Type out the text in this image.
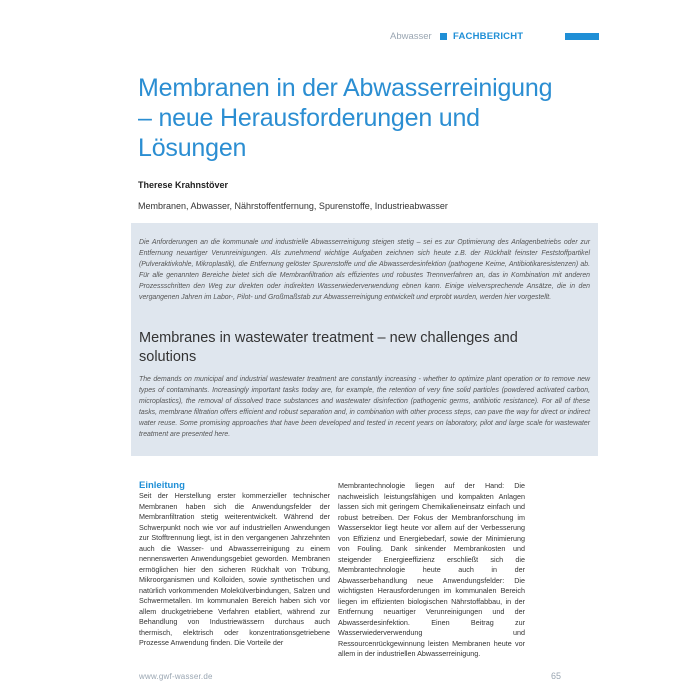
Abwasser FACHBERICHT
Membranen in der Abwasserreinigung – neue Herausforderungen und Lösungen
Therese Krahnstöver
Membranen, Abwasser, Nährstoffentfernung, Spurenstoffe, Industrieabwasser

Die Anforderungen an die kommunale und industrielle Abwasserreinigung steigen stetig – sei es zur Optimierung des Anlagenbetriebs oder zur Entfernung neuartiger Verunreinigungen. Als zunehmend wichtige Aufgaben zeichnen sich heute z.B. der Rückhalt feinster Feststoffpartikel (Pulveraktivkohle, Mikroplastik), die Entfernung gelöster Spurenstoffe und die Abwasserdesinfektion (pathogene Keime, Antibiotikaresistenzen) ab. Für alle genannten Bereiche bietet sich die Membranfiltration als effizientes und robustes Trennverfahren an, das in Kombination mit anderen Prozessschritten den Weg zur direkten oder indirekten Wasserwiederverwendung ebnen kann. Einige vielversprechende Ansätze, die in den vergangenen Jahren im Labor-, Pilot- und Großmaßstab zur Abwasserreinigung entwickelt und erprobt wurden, werden hier vorgestellt.

Membranes in wastewater treatment – new challenges and solutions

The demands on municipal and industrial wastewater treatment are constantly increasing - whether to optimize plant operation or to remove new types of contaminants. Increasingly important tasks today are, for example, the retention of very fine solid particles (powdered activated carbon, microplastics), the removal of dissolved trace substances and wastewater disinfection (pathogenic germs, antibiotic resistance). For all of these tasks, membrane filtration offers efficient and robust separation and, in combination with other process steps, can pave the way for direct or indirect water reuse. Some promising approaches that have been developed and tested in recent years on laboratory, pilot and large scale for wastewater treatment are presented here.

Einleitung

Seit der Herstellung erster kommerzieller technischer Membranen haben sich die Anwendungsfelder der Membranfiltration stetig weiterentwickelt. Während der Schwerpunkt noch wie vor auf industriellen Anwendungen zur Stofftrennung liegt, ist in den vergangenen Jahrzehnten auch die Wasser- und Abwasserreinigung zu einem nennenswerten Anwendungsgebiet geworden. Membranen ermöglichen hier den sicheren Rückhalt von Trübung, Mikroorganismen und Kolloiden, sowie synthetischen und natürlich vorkommenden Molekülverbindungen, Salzen und Schwermetallen. Im kommunalen Bereich haben sich vor allem druckgetriebene Verfahren etabliert, während zur Behandlung von Industriewässern durchaus auch thermisch, elektrisch oder konzentrationsgetriebene Prozesse Anwendung finden. Die Vorteile der

Membrantechnologie liegen auf der Hand: Die nachweislich leistungsfähigen und kompakten Anlagen lassen sich mit geringem Chemikalieneinsatz einfach und robust betreiben. Der Fokus der Membranforschung im Wassersektor liegt heute vor allem auf der Verbesserung von Effizienz und Energiebedarf, sowie der Minimierung von Fouling. Dank sinkender Membrankosten und steigender Energieeffizienz erschließt sich die Membrantechnologie heute auch in der Abwasserbehandlung neue Anwendungsfelder: Die wichtigsten Herausforderungen im kommunalen Bereich liegen im effizienten biologischen Nährstoffabbau, in der Entfernung neuartiger Verunreinigungen und der Abwasserdesinfektion. Einen Beitrag zur Wasserwiederverwendung und Ressourcenrückgewinnung leisten Membranen heute vor allem in der industriellen Abwasserreinigung.

www.gwf-wasser.de	65
